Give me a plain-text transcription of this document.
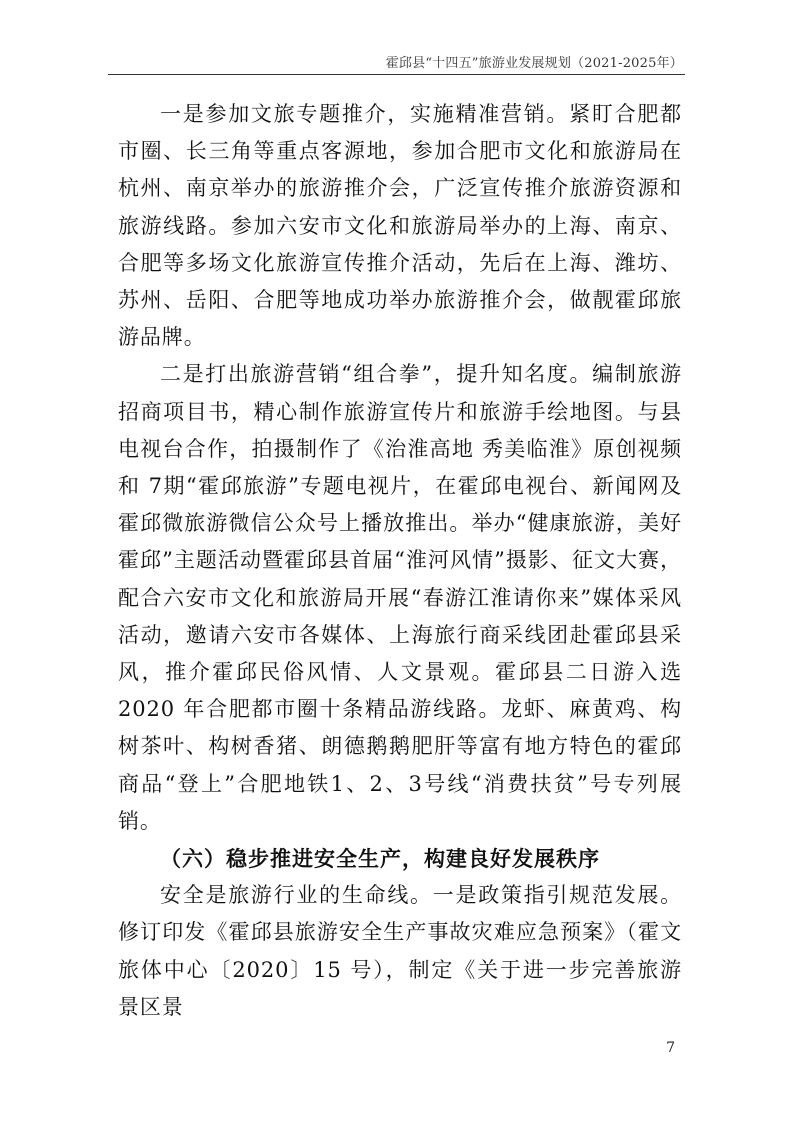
霍邱县“十四五”旅游业发展规划（2021-2025年）

一是参加文旅专题推介，实施精准营销。紧盯合肥都市圈、长三角等重点客源地，参加合肥市文化和旅游局在杭州、南京举办的旅游推介会，广泛宣传推介旅游资源和旅游线路。参加六安市文化和旅游局举办的上海、南京、合肥等多场文化旅游宣传推介活动，先后在上海、潍坊、苏州、岳阳、合肥等地成功举办旅游推介会，做靓霍邱旅游品牌。

二是打出旅游营销“组合拳”，提升知名度。编制旅游招商项目书，精心制作旅游宣传片和旅游手绘地图。与县电视台合作，拍摄制作了《治淮高地 秀美临淮》原创视频和 7期“霍邱旅游”专题电视片，在霍邱电视台、新闻网及霍邱微旅游微信公众号上播放推出。举办“健康旅游，美好霍邱”主题活动暨霍邱县首届“淮河风情”摄影、征文大赛，配合六安市文化和旅游局开展“春游江淮请你来”媒体采风活动，邀请六安市各媒体、上海旅行商采线团赴霍邱县采风，推介霍邱民俗风情、人文景观。霍邱县二日游入选 2020 年合肥都市圈十条精品游线路。龙虾、麻黄鸡、构树茶叶、构树香猪、朗德鹅鹅肥肝等富有地方特色的霍邱商品“登上”合肥地铁1、2、3号线“消费扶贫”号专列展销。

（六）稳步推进安全生产，构建良好发展秩序

安全是旅游行业的生命线。一是政策指引规范发展。修订印发《霍邱县旅游安全生产事故灾难应急预案》（霍文旅体中心〔2020〕15 号），制定《关于进一步完善旅游景区景

7
